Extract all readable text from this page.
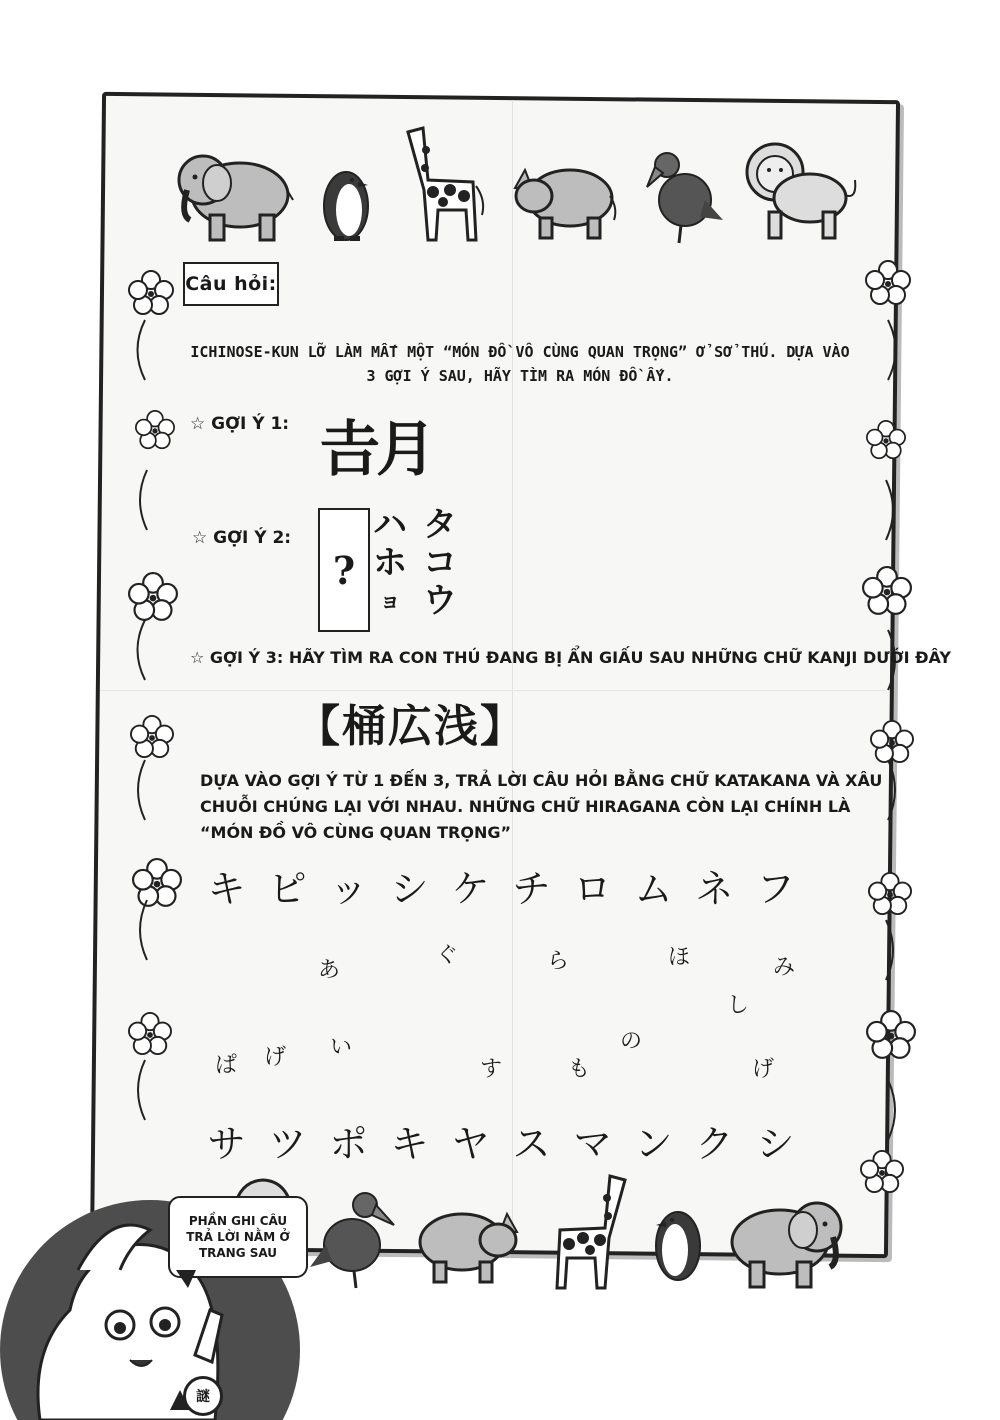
Câu hỏi:
ICHINOSE-KUN LỠ LÀM MẤT MỘT “MÓN ĐỒ VÔ CÙNG QUAN TRỌNG” Ở SỞ THÚ. DỰA VÀO 3 GỢI Ý SAU, HÃY TÌM RA MÓN ĐỒ ẤY.
☆ GỢI Ý 1: 𠮷月
☆ GỢI Ý 2:
?
ハ
ホ
ョ
タ
コ
ウ
☆ GỢI Ý 3: HÃY TÌM RA CON THÚ ĐANG BỊ ẨN GIẤU SAU NHỮNG CHỮ KANJI DƯỚI ĐÂY
【桶広浅】
DỰA VÀO GỢI Ý TỪ 1 ĐẾN 3, TRẢ LỜI CÂU HỎI BẰNG CHỮ KATAKANA VÀ XÂU CHUỖI CHÚNG LẠI VỚI NHAU. NHỮNG CHỮ HIRAGANA CÒN LẠI CHÍNH LÀ “MÓN ĐỒ VÔ CÙNG QUAN TRỌNG”
キ ピ ッ シ ケ チ ロ ム ネ フ
あ
ぐ	ら	ほ	み
し
の
ぱ げ い
す	も	げ
サ ツ ポ キ ヤ ス マ ン ク シ
謎
PHẦN GHI CÂU TRẢ LỜI NẰM Ở TRANG SAU
